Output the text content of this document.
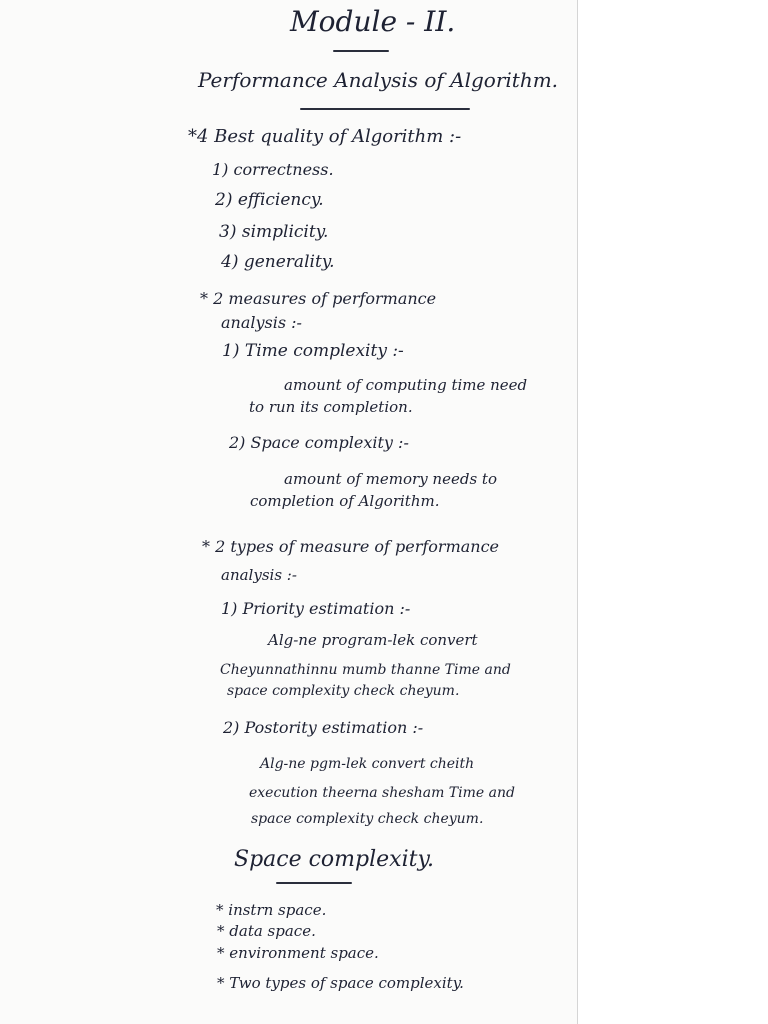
Module - II.
Performance Analysis of Algorithm.
*4 Best quality of Algorithm :-
1) correctness.
2) efficiency.
3) simplicity.
4) generality.
* 2 measures of performance
analysis :-
1) Time complexity :-
amount of computing time need
to run its completion.
2) Space complexity :-
amount of memory needs to
completion of Algorithm.
* 2 types of measure of performance
analysis :-
1) Priority estimation :-
Alg-ne program-lek convert
Cheyunnathinnu mumb thanne Time and
space complexity check cheyum.
2) Postority estimation :-
Alg-ne pgm-lek convert cheith
execution theerna shesham Time and
space complexity check cheyum.
Space complexity.
* instrn space.
* data space.
* environment space.
* Two types of space complexity.
